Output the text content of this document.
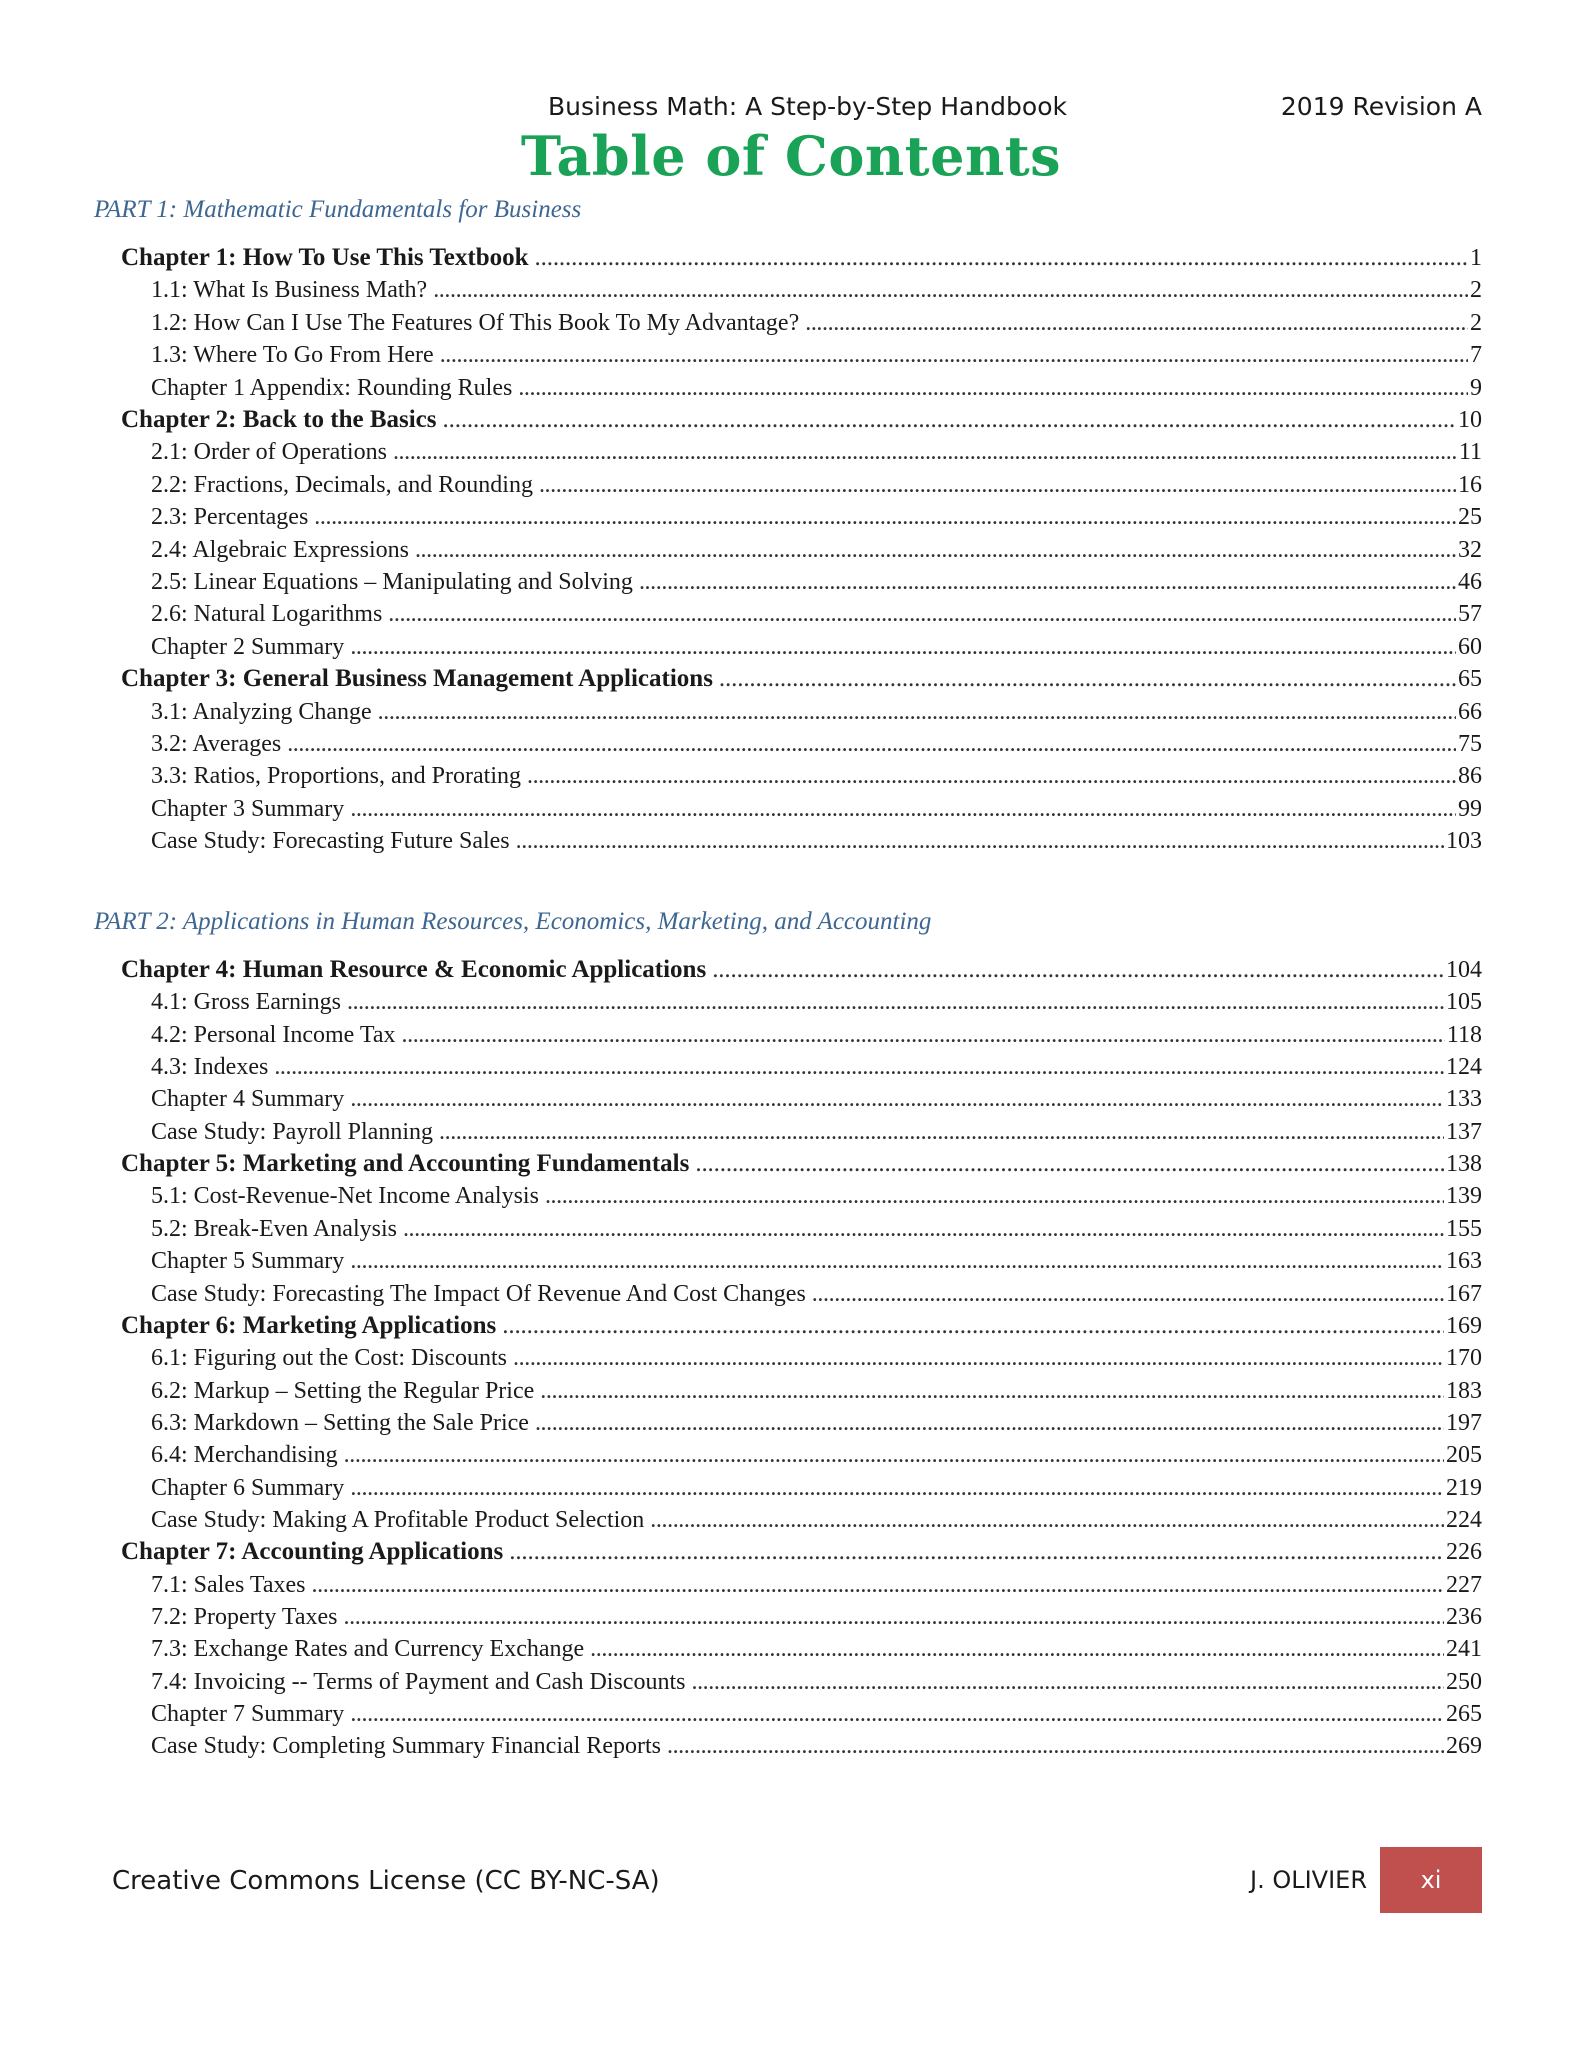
Business Math: A Step-by-Step Handbook	2019 Revision A
Table of Contents
PART 1: Mathematic Fundamentals for Business
Chapter 1: How To Use This Textbook . . .	1
1.1: What Is Business Math? . . .	2
1.2: How Can I Use The Features Of This Book To My Advantage? . . .	2
1.3: Where To Go From Here . . .	7
Chapter 1 Appendix: Rounding Rules . . .	9
Chapter 2: Back to the Basics . . .	10
2.1: Order of Operations . . .	11
2.2: Fractions, Decimals, and Rounding . . .	16
2.3: Percentages . . .	25
2.4: Algebraic Expressions . . .	32
2.5: Linear Equations – Manipulating and Solving . . .	46
2.6: Natural Logarithms . . .	57
Chapter 2 Summary . . .	60
Chapter 3: General Business Management Applications . . .	65
3.1: Analyzing Change . . .	66
3.2: Averages . . .	75
3.3: Ratios, Proportions, and Prorating . . .	86
Chapter 3 Summary . . .	99
Case Study: Forecasting Future Sales . . .	103
PART 2: Applications in Human Resources, Economics, Marketing, and Accounting
Chapter 4: Human Resource & Economic Applications . . .	104
4.1: Gross Earnings . . .	105
4.2: Personal Income Tax . . .	118
4.3: Indexes . . .	124
Chapter 4 Summary . . .	133
Case Study: Payroll Planning . . .	137
Chapter 5: Marketing and Accounting Fundamentals . . .	138
5.1: Cost-Revenue-Net Income Analysis . . .	139
5.2: Break-Even Analysis . . .	155
Chapter 5 Summary . . .	163
Case Study: Forecasting The Impact Of Revenue And Cost Changes . . .	167
Chapter 6: Marketing Applications . . .	169
6.1: Figuring out the Cost: Discounts . . .	170
6.2: Markup – Setting the Regular Price . . .	183
6.3: Markdown – Setting the Sale Price . . .	197
6.4: Merchandising . . .	205
Chapter 6 Summary . . .	219
Case Study: Making A Profitable Product Selection . . .	224
Chapter 7: Accounting Applications . . .	226
7.1: Sales Taxes . . .	227
7.2: Property Taxes . . .	236
7.3: Exchange Rates and Currency Exchange . . .	241
7.4: Invoicing -- Terms of Payment and Cash Discounts . . .	250
Chapter 7 Summary . . .	265
Case Study: Completing Summary Financial Reports . . .	269
Creative Commons License (CC BY-NC-SA)	J. OLIVIER	xi
